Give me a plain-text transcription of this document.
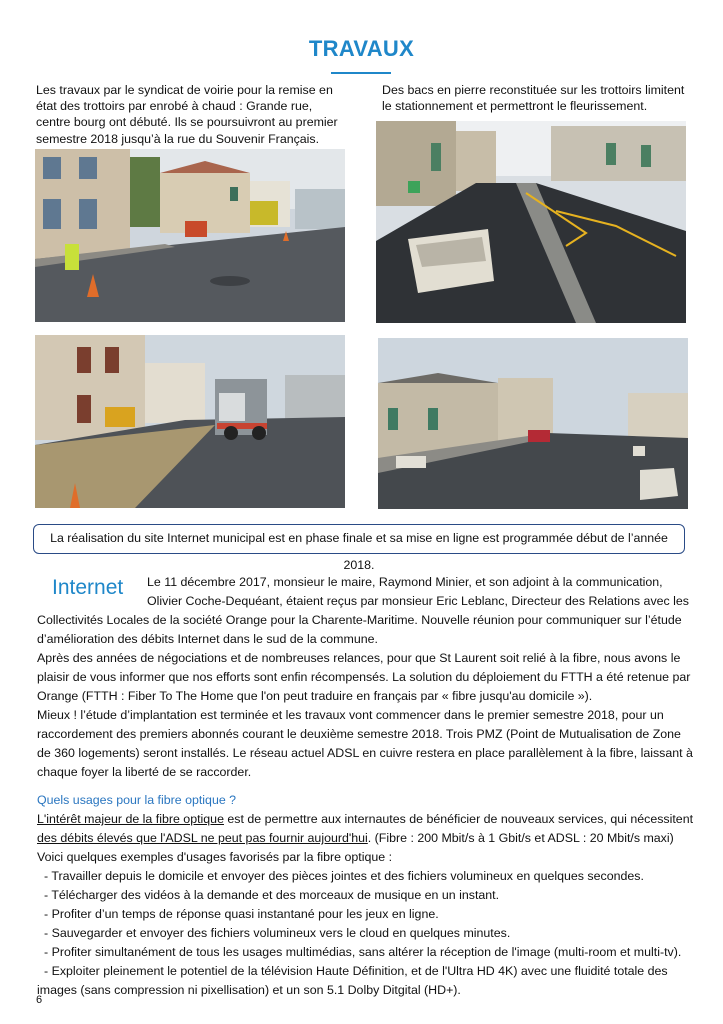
TRAVAUX
Les travaux par le syndicat de voirie pour la remise en
état des trottoirs par enrobé à chaud : Grande rue,
centre bourg ont débuté. Ils se poursuivront au premier
semestre 2018 jusqu’à la rue du Souvenir Français.
Des bacs en pierre reconstituée sur les trottoirs limitent
le stationnement et permettront le fleurissement.
La réalisation du site Internet municipal est en phase finale et sa mise en ligne est programmée début de l’année 2018.
Internet Le 11 décembre 2017, monsieur le maire, Raymond Minier, et son adjoint à la communication,
Olivier Coche-Dequéant, étaient reçus par monsieur Eric Leblanc, Directeur des Relations avec les
Collectivités Locales de la société Orange pour la Charente-Maritime. Nouvelle réunion pour communiquer sur l’étude
d’amélioration des débits Internet dans le sud de la commune.
Après des années de négociations et de nombreuses relances, pour que St Laurent soit relié à la fibre, nous avons le
plaisir de vous informer que nos efforts sont enfin récompensés. La solution du déploiement du FTTH a été retenue par
Orange (FTTH : Fiber To The Home que l'on peut traduire en français par « fibre jusqu'au domicile »).
Mieux ! l’étude d’implantation est terminée et les travaux vont commencer dans le premier semestre 2018, pour un
raccordement des premiers abonnés courant le deuxième semestre 2018. Trois PMZ (Point de Mutualisation de Zone
de 360 logements) seront installés. Le réseau actuel ADSL en cuivre restera en place parallèlement à la fibre, laissant à
chaque foyer la liberté de se raccorder.
Quels usages pour la fibre optique ?
L'intérêt majeur de la fibre optique est de permettre aux internautes de bénéficier de nouveaux services, qui nécessitent
des débits élevés que l'ADSL ne peut pas fournir aujourd'hui. (Fibre : 200 Mbit/s à 1 Gbit/s et ADSL : 20 Mbit/s maxi)
Voici quelques exemples d'usages favorisés par la fibre optique :
- Travailler depuis le domicile et envoyer des pièces jointes et des fichiers volumineux en quelques secondes.
- Télécharger des vidéos à la demande et des morceaux de musique en un instant.
- Profiter d’un temps de réponse quasi instantané pour les jeux en ligne.
- Sauvegarder et envoyer des fichiers volumineux vers le cloud en quelques minutes.
- Profiter simultanément de tous les usages multimédias, sans altérer la réception de l'image (multi-room et multi-tv).
- Exploiter pleinement le potentiel de la télévision Haute Définition, et de l'Ultra HD 4K) avec une fluidité totale des
images (sans compression ni pixellisation) et un son 5.1 Dolby Ditgital (HD+).
6
